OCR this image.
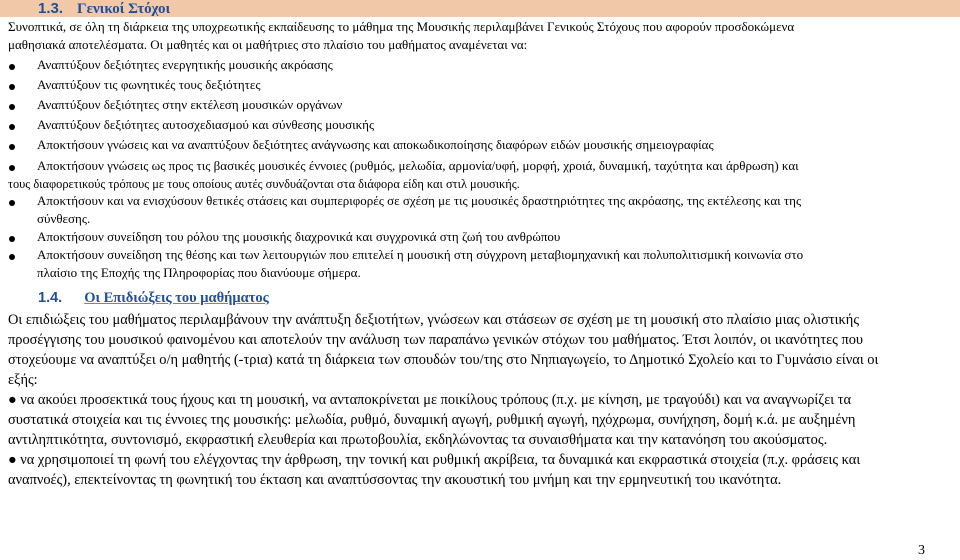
1.3. Γενικοί Στόχοι
Συνοπτικά, σε όλη τη διάρκεια της υποχρεωτικής εκπαίδευσης το μάθημα της Μουσικής περιλαμβάνει Γενικούς Στόχους που αφορούν προσδοκώμενα
μαθησιακά αποτελέσματα. Οι μαθητές και οι μαθήτριες στο πλαίσιο του μαθήματος αναμένεται να:
Αναπτύξουν δεξιότητες ενεργητικής μουσικής ακρόασης
Αναπτύξουν τις φωνητικές τους δεξιότητες
Αναπτύξουν δεξιότητες στην εκτέλεση μουσικών οργάνων
Αναπτύξουν δεξιότητες αυτοσχεδιασμού και σύνθεσης μουσικής
Αποκτήσουν γνώσεις και να αναπτύξουν δεξιότητες ανάγνωσης και αποκωδικοποίησης διαφόρων ειδών μουσικής σημειογραφίας
Αποκτήσουν γνώσεις ως προς τις βασικές μουσικές έννοιες (ρυθμός, μελωδία, αρμονία/υφή, μορφή, χροιά, δυναμική, ταχύτητα και άρθρωση) και
τους διαφορετικούς τρόπους με τους οποίους αυτές συνδυάζονται στα διάφορα είδη και στιλ μουσικής.
Αποκτήσουν και να ενισχύσουν θετικές στάσεις και συμπεριφορές σε σχέση με τις μουσικές δραστηριότητες της ακρόασης, της εκτέλεσης και της
σύνθεσης.
Αποκτήσουν συνείδηση του ρόλου της μουσικής διαχρονικά και συγχρονικά στη ζωή του ανθρώπου
Αποκτήσουν συνείδηση της θέσης και των λειτουργιών που επιτελεί η μουσική στη σύγχρονη μεταβιομηχανική και πολυπολιτισμική κοινωνία στο
πλαίσιο της Εποχής της Πληροφορίας που διανύουμε σήμερα.
1.4. Οι Επιδιώξεις του μαθήματος
Οι επιδιώξεις του μαθήματος περιλαμβάνουν την ανάπτυξη δεξιοτήτων, γνώσεων και στάσεων σε σχέση με τη μουσική στο πλαίσιο μιας ολιστικής
προσέγγισης του μουσικού φαινομένου και αποτελούν την ανάλυση των παραπάνω γενικών στόχων του μαθήματος. Έτσι λοιπόν, οι ικανότητες που
στοχεύουμε να αναπτύξει ο/η μαθητής (-τρια) κατά τη διάρκεια των σπουδών του/της στο Νηπιαγωγείο, το Δημοτικό Σχολείο και το Γυμνάσιο είναι οι
εξής:
● να ακούει προσεκτικά τους ήχους και τη μουσική, να ανταποκρίνεται με ποικίλους τρόπους (π.χ. με κίνηση, με τραγούδι) και να αναγνωρίζει τα
συστατικά στοιχεία και τις έννοιες της μουσικής: μελωδία, ρυθμό, δυναμική αγωγή, ρυθμική αγωγή, ηχόχρωμα, συνήχηση, δομή κ.ά. με αυξημένη
αντιληπτικότητα, συντονισμό, εκφραστική ελευθερία και πρωτοβουλία, εκδηλώνοντας τα συναισθήματα και την κατανόηση του ακούσματος.
● να χρησιμοποιεί τη φωνή του ελέγχοντας την άρθρωση, την τονική και ρυθμική ακρίβεια, τα δυναμικά και εκφραστικά στοιχεία (π.χ. φράσεις και
αναπνοές), επεκτείνοντας τη φωνητική του έκταση και αναπτύσσοντας την ακουστική του μνήμη και την ερμηνευτική του ικανότητα.
3
